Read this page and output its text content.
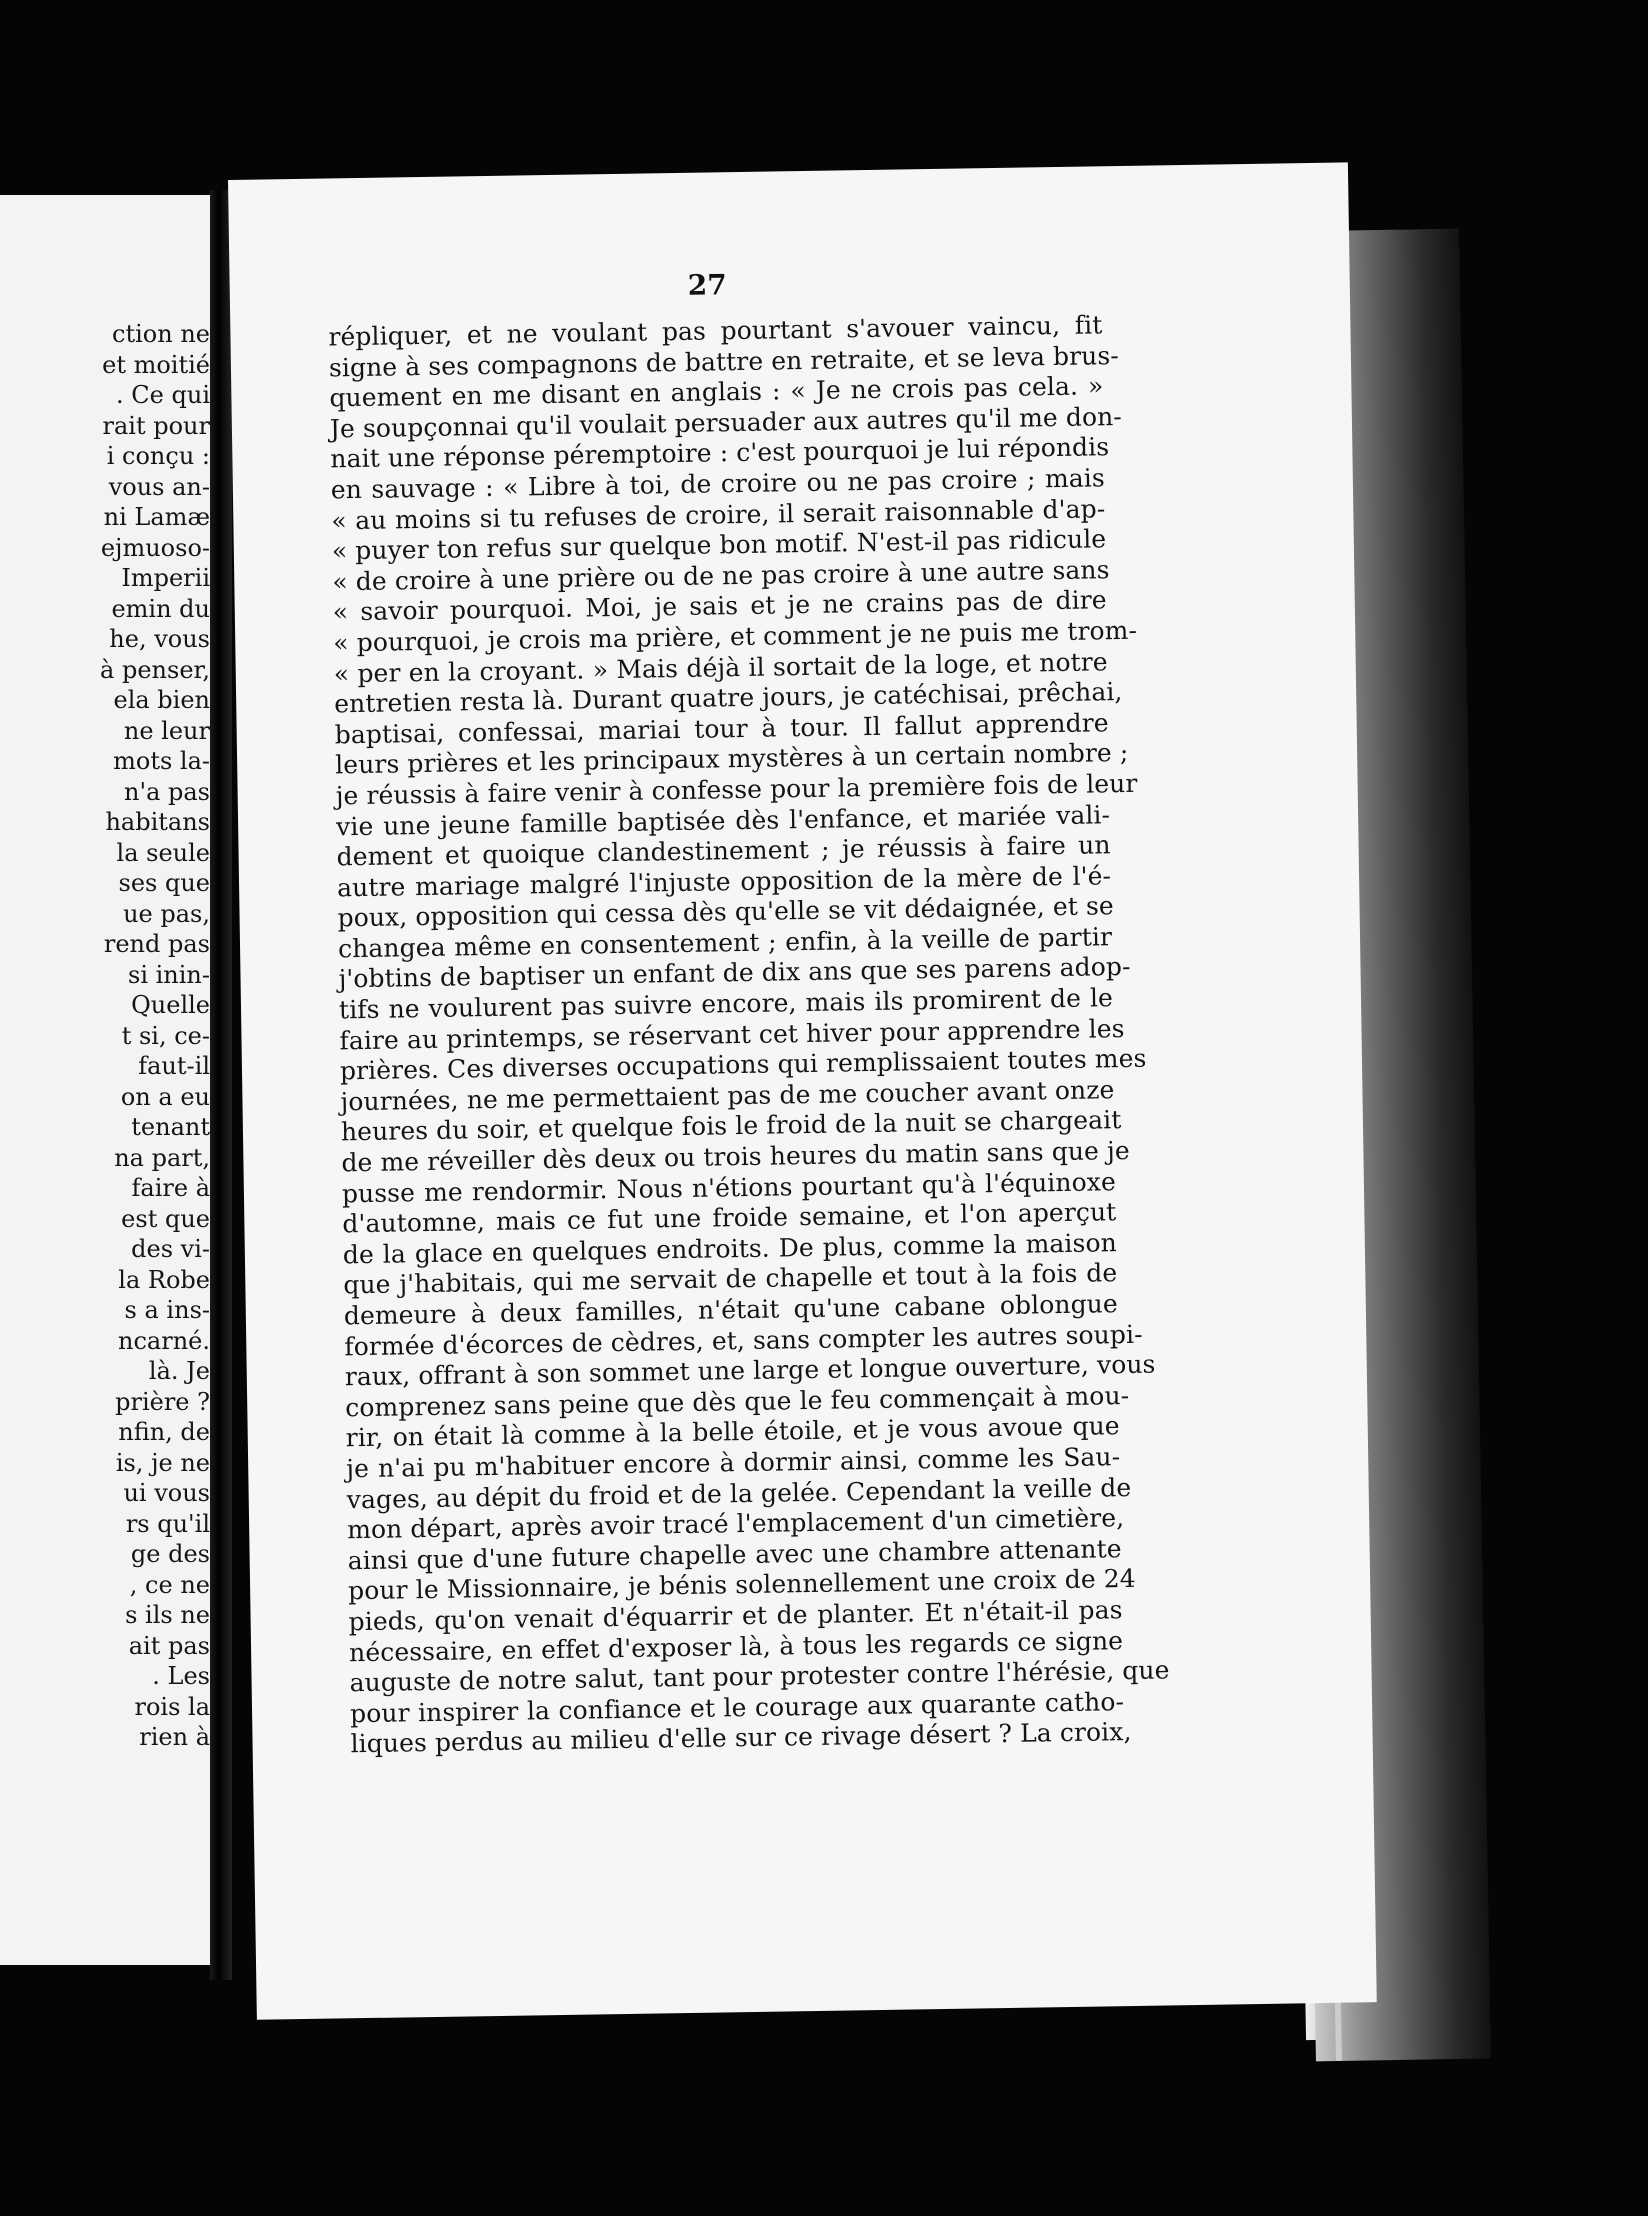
ction ne
et moitié
. Ce qui
rait pour
i conçu :
vous an-
ni Lamæ
ejmuoso-
Imperii
emin du
he, vous
à penser,
ela bien
ne leur
mots la-
n'a pas
habitans
la seule
ses que
ue pas,
rend pas
si inin-
Quelle
t si, ce-
faut-il
on a eu
tenant
na part,
faire à
est que
des vi-
la Robe
s a ins-
ncarné.
là. Je
prière ?
nfin, de
is, je ne
ui vous
rs qu'il
ge des
, ce ne
s ils ne
ait pas
. Les
rois la
rien à
27
répliquer, et ne voulant pas pourtant s'avouer vaincu, fit
signe à ses compagnons de battre en retraite, et se leva brus-
quement en me disant en anglais : « Je ne crois pas cela. »
Je soupçonnai qu'il voulait persuader aux autres qu'il me don-
nait une réponse péremptoire : c'est pourquoi je lui répondis
en sauvage : « Libre à toi, de croire ou ne pas croire ; mais
« au moins si tu refuses de croire, il serait raisonnable d'ap-
« puyer ton refus sur quelque bon motif. N'est-il pas ridicule
« de croire à une prière ou de ne pas croire à une autre sans
« savoir pourquoi. Moi, je sais et je ne crains pas de dire
« pourquoi, je crois ma prière, et comment je ne puis me trom-
« per en la croyant. » Mais déjà il sortait de la loge, et notre
entretien resta là. Durant quatre jours, je catéchisai, prêchai,
baptisai, confessai, mariai tour à tour. Il fallut apprendre
leurs prières et les principaux mystères à un certain nombre ;
je réussis à faire venir à confesse pour la première fois de leur
vie une jeune famille baptisée dès l'enfance, et mariée vali-
dement et quoique clandestinement ; je réussis à faire un
autre mariage malgré l'injuste opposition de la mère de l'é-
poux, opposition qui cessa dès qu'elle se vit dédaignée, et se
changea même en consentement ; enfin, à la veille de partir
j'obtins de baptiser un enfant de dix ans que ses parens adop-
tifs ne voulurent pas suivre encore, mais ils promirent de le
faire au printemps, se réservant cet hiver pour apprendre les
prières. Ces diverses occupations qui remplissaient toutes mes
journées, ne me permettaient pas de me coucher avant onze
heures du soir, et quelque fois le froid de la nuit se chargeait
de me réveiller dès deux ou trois heures du matin sans que je
pusse me rendormir. Nous n'étions pourtant qu'à l'équinoxe
d'automne, mais ce fut une froide semaine, et l'on aperçut
de la glace en quelques endroits. De plus, comme la maison
que j'habitais, qui me servait de chapelle et tout à la fois de
demeure à deux familles, n'était qu'une cabane oblongue
formée d'écorces de cèdres, et, sans compter les autres soupi-
raux, offrant à son sommet une large et longue ouverture, vous
comprenez sans peine que dès que le feu commençait à mou-
rir, on était là comme à la belle étoile, et je vous avoue que
je n'ai pu m'habituer encore à dormir ainsi, comme les Sau-
vages, au dépit du froid et de la gelée. Cependant la veille de
mon départ, après avoir tracé l'emplacement d'un cimetière,
ainsi que d'une future chapelle avec une chambre attenante
pour le Missionnaire, je bénis solennellement une croix de 24
pieds, qu'on venait d'équarrir et de planter. Et n'était-il pas
nécessaire, en effet d'exposer là, à tous les regards ce signe
auguste de notre salut, tant pour protester contre l'hérésie, que
pour inspirer la confiance et le courage aux quarante catho-
liques perdus au milieu d'elle sur ce rivage désert ? La croix,
